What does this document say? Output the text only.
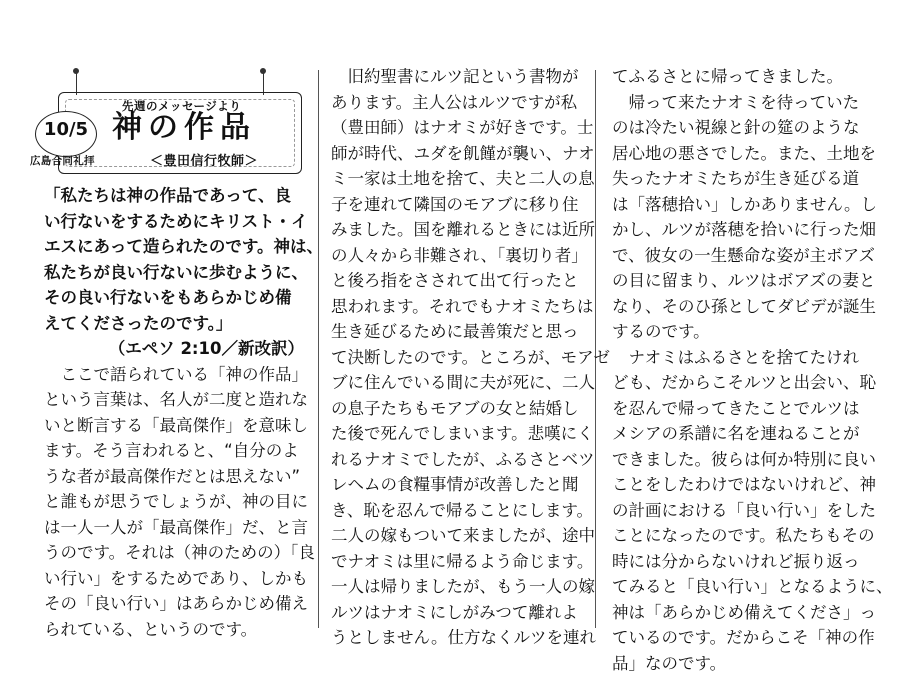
先週のメッセージより
10/5
広島合同礼拝
神の作品
＜豊田信行牧師＞
「私たちは神の作品であって、良
い行ないをするためにキリスト・イ
エスにあって造られたのです。神は、
私たちが良い行ないに歩むように、
その良い行ないをもあらかじめ備
えてくださったのです。」
（エペソ 2:10／新改訳）
　ここで語られている「神の作品」
という言葉は、名人が二度と造れな
いと断言する「最高傑作」を意味し
ます。そう言われると、“自分のよ
うな者が最高傑作だとは思えない”
と誰もが思うでしょうが、神の目に
は一人一人が「最高傑作」だ、と言
うのです。それは（神のための）「良
い行い」をするためであり、しかも
その「良い行い」はあらかじめ備え
られている、というのです。
　旧約聖書にルツ記という書物が
あります。主人公はルツですが私
（豊田師）はナオミが好きです。士
師が時代、ユダを飢饉が襲い、ナオ
ミ一家は土地を捨て、夫と二人の息
子を連れて隣国のモアブに移り住
みました。国を離れるときには近所
の人々から非難され、「裏切り者」
と後ろ指をさされて出て行ったと
思われます。それでもナオミたちは
生き延びるために最善策だと思っ
て決断したのです。ところが、モアゼ
ブに住んでいる間に夫が死に、二人
の息子たちもモアブの女と結婚し
た後で死んでしまいます。悲嘆にく
れるナオミでしたが、ふるさとベツ
レヘムの食糧事情が改善したと聞
き、恥を忍んで帰ることにします。
二人の嫁もついて来ましたが、途中
でナオミは里に帰るよう命じます。
一人は帰りましたが、もう一人の嫁
ルツはナオミにしがみつて離れよ
うとしません。仕方なくルツを連れ
てふるさとに帰ってきました。
　帰って来たナオミを待っていた
のは冷たい視線と針の筵のような
居心地の悪さでした。また、土地を
失ったナオミたちが生き延びる道
は「落穂拾い」しかありません。し
かし、ルツが落穂を拾いに行った畑
で、彼女の一生懸命な姿が主ボアズ
の目に留まり、ルツはボアズの妻と
なり、そのひ孫としてダビデが誕生
するのです。
　ナオミはふるさとを捨てたけれ
ども、だからこそルツと出会い、恥
を忍んで帰ってきたことでルツは
メシアの系譜に名を連ねることが
できました。彼らは何か特別に良い
ことをしたわけではないけれど、神
の計画における「良い行い」をした
ことになったのです。私たちもその
時には分からないけれど振り返っ
てみると「良い行い」となるように、
神は「あらかじめ備えてくださ」っ
ているのです。だからこそ「神の作
品」なのです。
